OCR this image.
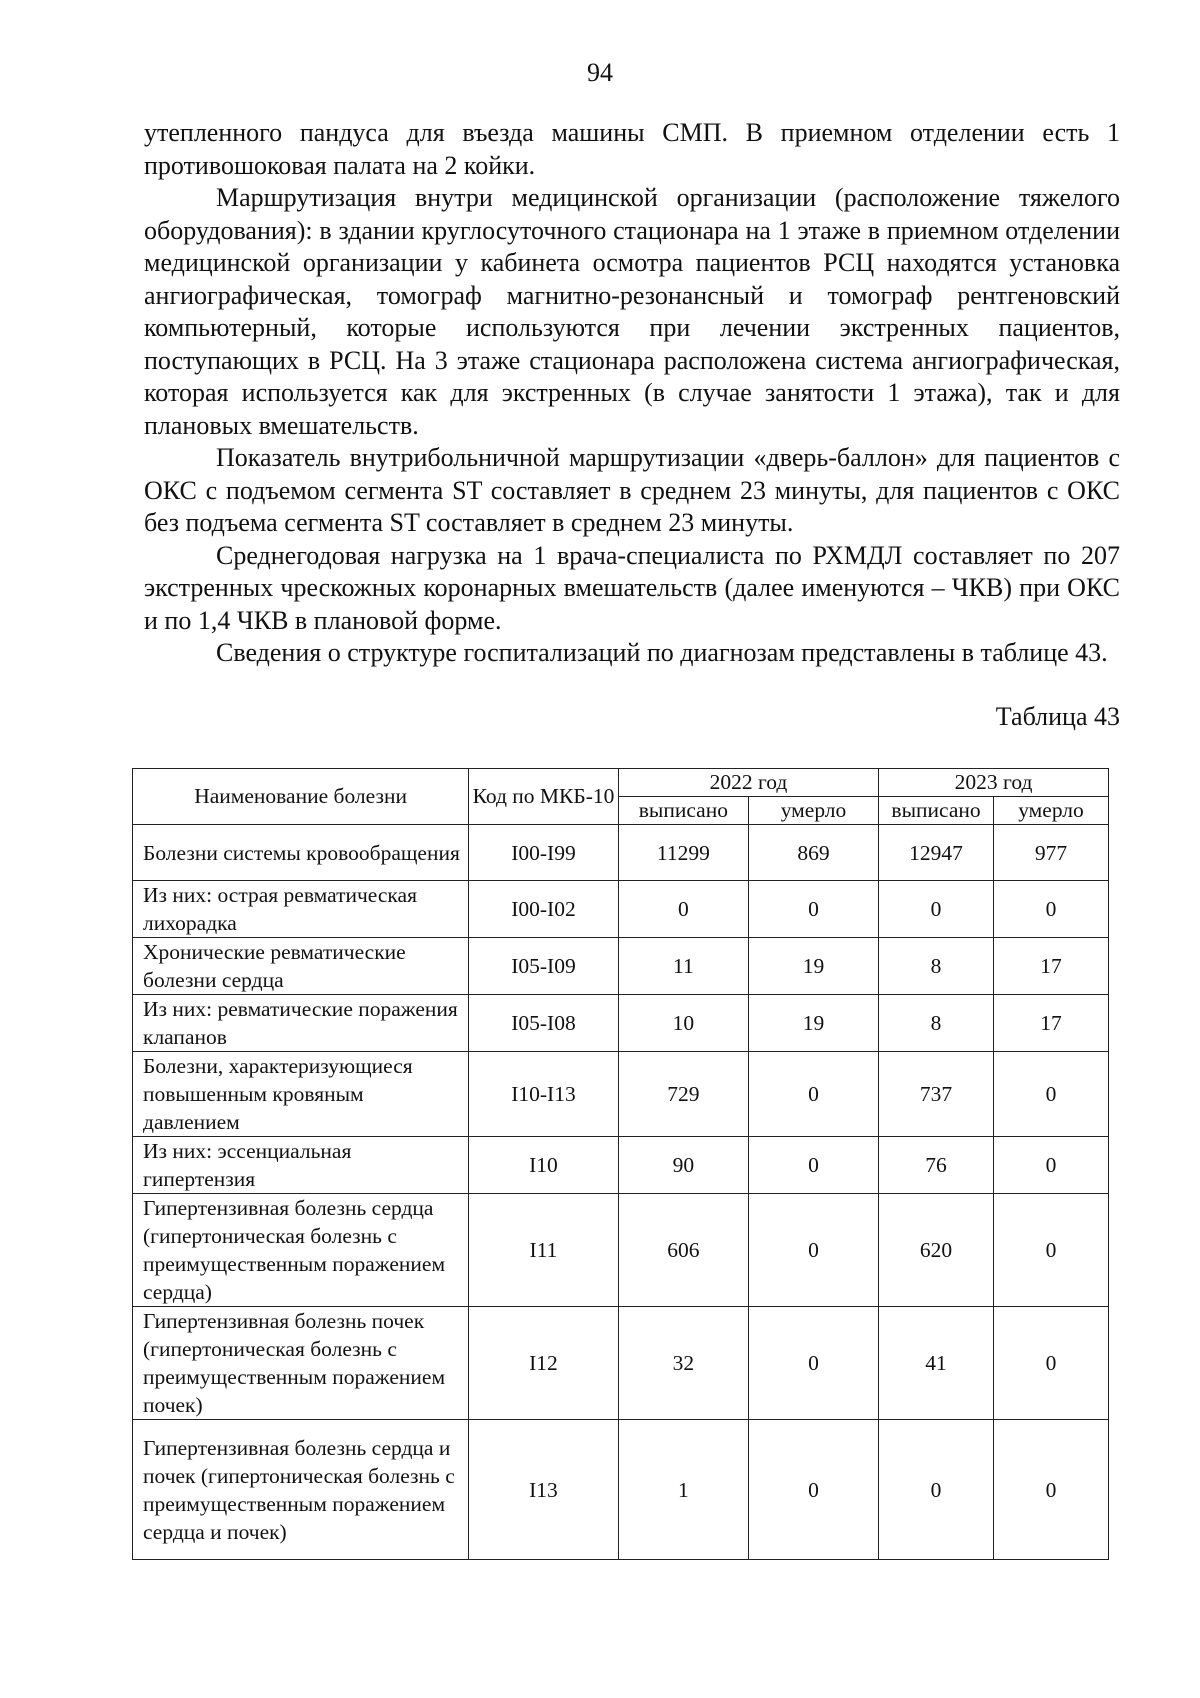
94

утепленного пандуса для въезда машины СМП. В приемном отделении есть 1 противошоковая палата на 2 койки.

Маршрутизация внутри медицинской организации (расположение тяжелого оборудования): в здании круглосуточного стационара на 1 этаже в приемном отделении медицинской организации у кабинета осмотра пациентов РСЦ находятся установка ангиографическая, томограф магнитно-резонансный и томограф рентгеновский компьютерный, которые используются при лечении экстренных пациентов, поступающих в РСЦ. На 3 этаже стационара расположена система ангиографическая, которая используется как для экстренных (в случае занятости 1 этажа), так и для плановых вмешательств.

Показатель внутрибольничной маршрутизации «дверь-баллон» для пациентов с ОКС с подъемом сегмента ST составляет в среднем 23 минуты, для пациентов с ОКС без подъема сегмента ST составляет в среднем 23 минуты.

Среднегодовая нагрузка на 1 врача-специалиста по РХМДЛ составляет по 207 экстренных чрескожных коронарных вмешательств (далее именуются – ЧКВ) при ОКС и по 1,4 ЧКВ в плановой форме.

Сведения о структуре госпитализаций по диагнозам представлены в таблице 43.

Таблица 43
Наименование болезни	Код по МКБ-10	2022 год		2023 год	
		выписано	умерло	выписано	умерло
Болезни системы кровообращения	I00-I99	11299	869	12947	977
Из них: острая ревматическая лихорадка	I00-I02	0	0	0	0
Хронические ревматические болезни сердца	I05-I09	11	19	8	17
Из них: ревматические поражения клапанов	I05-I08	10	19	8	17
Болезни, характеризующиеся повышенным кровяным давлением	I10-I13	729	0	737	0
Из них: эссенциальная гипертензия	I10	90	0	76	0
Гипертензивная болезнь сердца (гипертоническая болезнь с преимущественным поражением сердца)	I11	606	0	620	0
Гипертензивная болезнь почек (гипертоническая болезнь с преимущественным поражением почек)	I12	32	0	41	0
Гипертензивная болезнь сердца и почек (гипертоническая болезнь с преимущественным поражением сердца и почек)	I13	1	0	0	0
